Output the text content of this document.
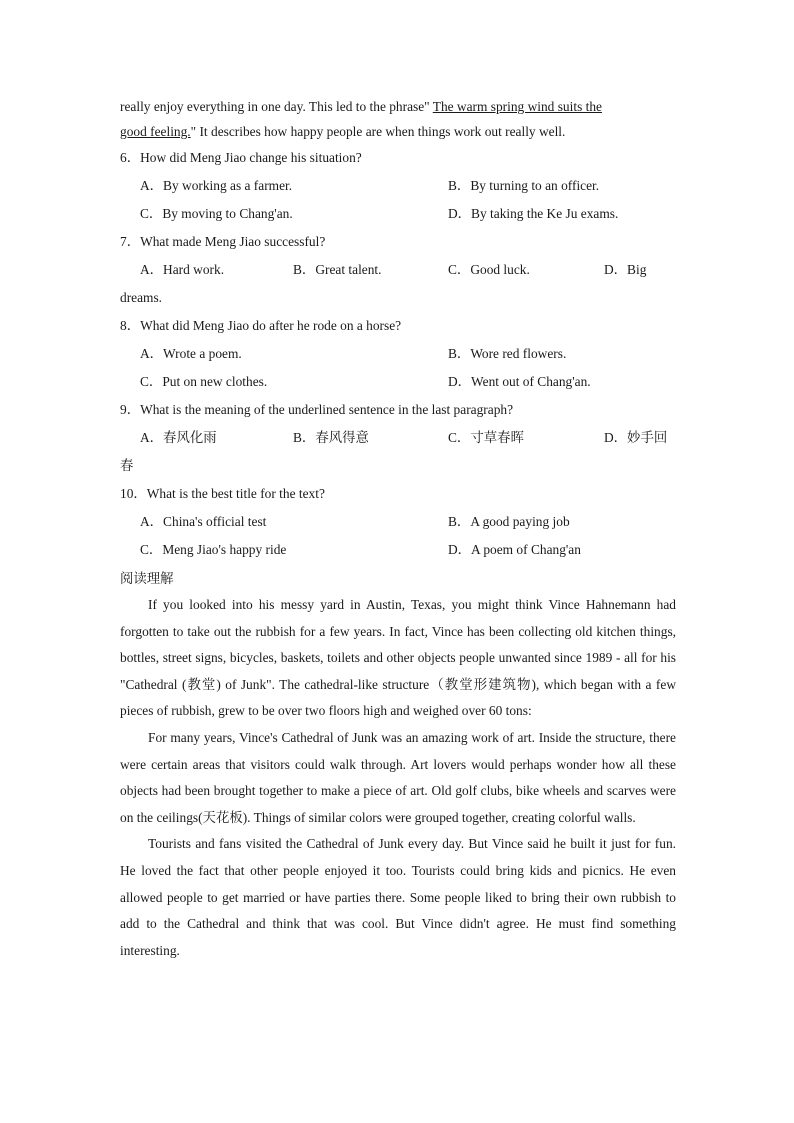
really enjoy everything in one day. This led to the phrase" The warm spring wind suits the
good feeling." It describes how happy people are when things work out really well.
6．How did Meng Jiao change his situation?
A．By working as a farmer.	B．By turning to an officer.
C．By moving to Chang'an.	D．By taking the Ke Ju exams.
7．What made Meng Jiao successful?
A．Hard work.	B．Great talent.	C．Good luck.	D．Big
dreams.
8．What did Meng Jiao do after he rode on a horse?
A．Wrote a poem.	B．Wore red flowers.
C．Put on new clothes.	D．Went out of Chang'an.
9．What is the meaning of the underlined sentence in the last paragraph?
A．春风化雨	B．春风得意	C．寸草春晖	D．妙手回
春
10．What is the best title for the text?
A．China's official test	B．A good paying job
C．Meng Jiao's happy ride	D．A poem of Chang'an
阅读理解
If you looked into his messy yard in Austin, Texas, you might think Vince Hahnemann had forgotten to take out the rubbish for a few years. In fact, Vince has been collecting old kitchen things, bottles, street signs, bicycles, baskets, toilets and other objects people unwanted since 1989 - all for his "Cathedral (教堂) of Junk". The cathedral-like structure（教堂形建筑物), which began with a few pieces of rubbish, grew to be over two floors high and weighed over 60 tons:
For many years, Vince's Cathedral of Junk was an amazing work of art. Inside the structure, there were certain areas that visitors could walk through. Art lovers would perhaps wonder how all these objects had been brought together to make a piece of art. Old golf clubs, bike wheels and scarves were on the ceilings(天花板). Things of similar colors were grouped together, creating colorful walls.
Tourists and fans visited the Cathedral of Junk every day. But Vince said he built it just for fun. He loved the fact that other people enjoyed it too. Tourists could bring kids and picnics. He even allowed people to get married or have parties there. Some people liked to bring their own rubbish to add to the Cathedral and think that was cool. But Vince didn't agree. He must find something interesting.
